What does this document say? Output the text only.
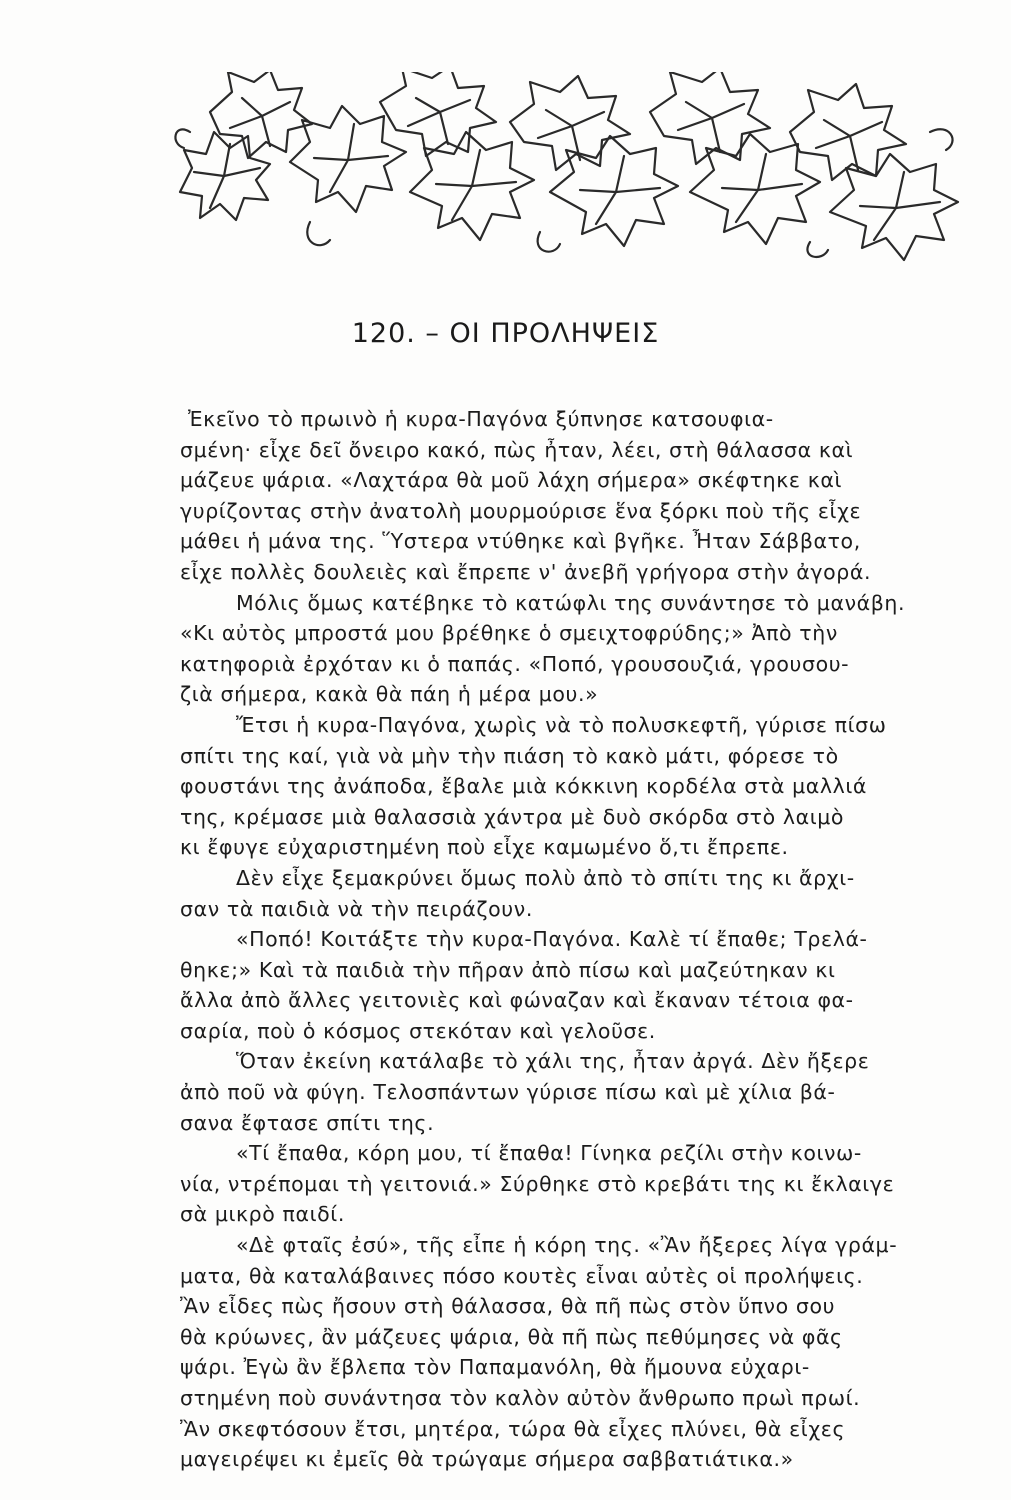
120. – ΟΙ ΠΡΟΛΗΨΕΙΣ
Ἐκεῖνο τὸ πρωινὸ ἡ κυρα-Παγόνα ξύπνησε κατσουφια-
σμένη· εἶχε δεῖ ὄνειρο κακό, πὼς ἦταν, λέει, στὴ θάλασσα καὶ
μάζευε ψάρια. «Λαχτάρα θὰ μοῦ λάχη σήμερα» σκέφτηκε καὶ
γυρίζοντας στὴν ἀνατολὴ μουρμούρισε ἕνα ξόρκι ποὺ τῆς εἶχε
μάθει ἡ μάνα της. Ὕστερα ντύθηκε καὶ βγῆκε. Ἦταν Σάββατο,
εἶχε πολλὲς δουλειὲς καὶ ἔπρεπε ν' ἀνεβῆ γρήγορα στὴν ἀγορά.
Μόλις ὅμως κατέβηκε τὸ κατώφλι της συνάντησε τὸ μανάβη.
«Κι αὐτὸς μπροστά μου βρέθηκε ὁ σμειχτοφρύδης;» Ἀπὸ τὴν
κατηφοριὰ ἐρχόταν κι ὁ παπάς. «Ποπό, γρουσουζιά, γρουσου-
ζιὰ σήμερα, κακὰ θὰ πάη ἡ μέρα μου.»
Ἔτσι ἡ κυρα-Παγόνα, χωρὶς νὰ τὸ πολυσκεφτῆ, γύρισε πίσω
σπίτι της καί, γιὰ νὰ μὴν τὴν πιάση τὸ κακὸ μάτι, φόρεσε τὸ
φουστάνι της ἀνάποδα, ἔβαλε μιὰ κόκκινη κορδέλα στὰ μαλλιά
της, κρέμασε μιὰ θαλασσιὰ χάντρα μὲ δυὸ σκόρδα στὸ λαιμὸ
κι ἔφυγε εὐχαριστημένη ποὺ εἶχε καμωμένο ὅ,τι ἔπρεπε.
Δὲν εἶχε ξεμακρύνει ὅμως πολὺ ἀπὸ τὸ σπίτι της κι ἄρχι-
σαν τὰ παιδιὰ νὰ τὴν πειράζουν.
«Ποπό! Κοιτάξτε τὴν κυρα-Παγόνα. Καλὲ τί ἔπαθε; Τρελά-
θηκε;» Καὶ τὰ παιδιὰ τὴν πῆραν ἀπὸ πίσω καὶ μαζεύτηκαν κι
ἄλλα ἀπὸ ἄλλες γειτονιὲς καὶ φώναζαν καὶ ἔκαναν τέτοια φα-
σαρία, ποὺ ὁ κόσμος στεκόταν καὶ γελοῦσε.
Ὅταν ἐκείνη κατάλαβε τὸ χάλι της, ἦταν ἀργά. Δὲν ἤξερε
ἀπὸ ποῦ νὰ φύγη. Τελοσπάντων γύρισε πίσω καὶ μὲ χίλια βά-
σανα ἔφτασε σπίτι της.
«Τί ἔπαθα, κόρη μου, τί ἔπαθα! Γίνηκα ρεζίλι στὴν κοινω-
νία, ντρέπομαι τὴ γειτονιά.» Σύρθηκε στὸ κρεβάτι της κι ἔκλαιγε
σὰ μικρὸ παιδί.
«Δὲ φταῖς ἐσύ», τῆς εἶπε ἡ κόρη της. «Ἂν ἤξερες λίγα γράμ-
ματα, θὰ καταλάβαινες πόσο κουτὲς εἶναι αὐτὲς οἱ προλήψεις.
Ἂν εἶδες πὼς ἤσουν στὴ θάλασσα, θὰ πῆ πὼς στὸν ὕπνο σου
θὰ κρύωνες, ἂν μάζευες ψάρια, θὰ πῆ πὼς πεθύμησες νὰ φᾶς
ψάρι. Ἐγὼ ἂν ἔβλεπα τὸν Παπαμανόλη, θὰ ἤμουνα εὐχαρι-
στημένη ποὺ συνάντησα τὸν καλὸν αὐτὸν ἄνθρωπο πρωὶ πρωί.
Ἂν σκεφτόσουν ἔτσι, μητέρα, τώρα θὰ εἶχες πλύνει, θὰ εἶχες
μαγειρέψει κι ἐμεῖς θὰ τρώγαμε σήμερα σαββατιάτικα.»
